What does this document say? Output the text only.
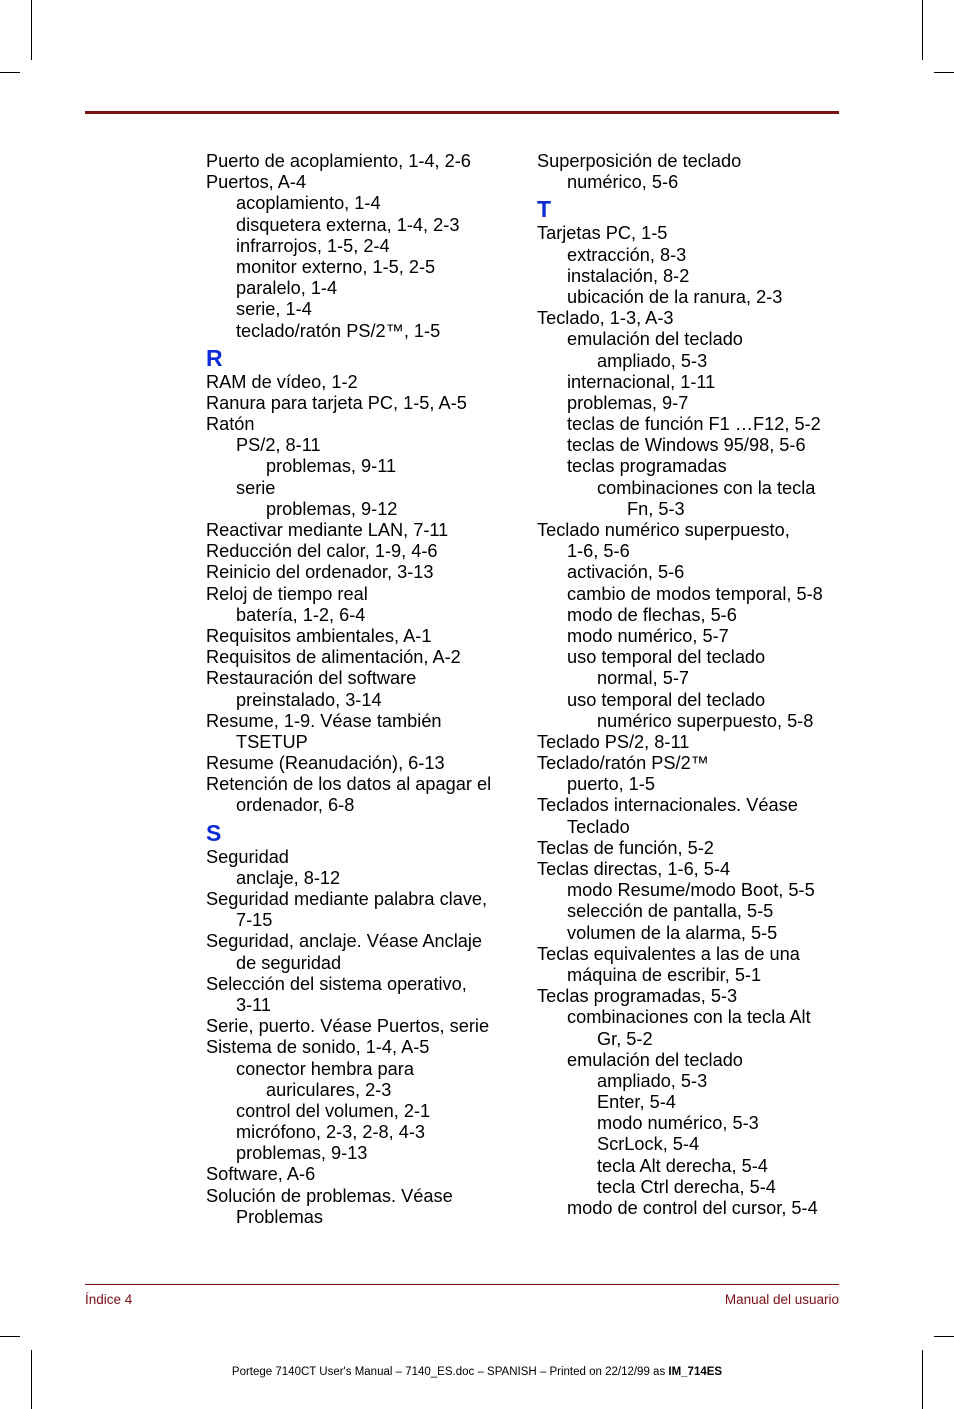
Puerto de acoplamiento, 1-4, 2-6
Puertos, A-4
acoplamiento, 1-4
disquetera externa, 1-4, 2-3
infrarrojos, 1-5, 2-4
monitor externo, 1-5, 2-5
paralelo, 1-4
serie, 1-4
teclado/ratón PS/2™, 1-5
R
RAM de vídeo, 1-2
Ranura para tarjeta PC, 1-5, A-5
Ratón
PS/2, 8-11
problemas, 9-11
serie
problemas, 9-12
Reactivar mediante LAN, 7-11
Reducción del calor, 1-9, 4-6
Reinicio del ordenador, 3-13
Reloj de tiempo real
batería, 1-2, 6-4
Requisitos ambientales, A-1
Requisitos de alimentación, A-2
Restauración del software
preinstalado, 3-14
Resume, 1-9. Véase también
TSETUP
Resume (Reanudación), 6-13
Retención de los datos al apagar el
ordenador, 6-8
S
Seguridad
anclaje, 8-12
Seguridad mediante palabra clave,
7-15
Seguridad, anclaje. Véase Anclaje
de seguridad
Selección del sistema operativo,
3-11
Serie, puerto. Véase Puertos, serie
Sistema de sonido, 1-4, A-5
conector hembra para
auriculares, 2-3
control del volumen, 2-1
micrófono, 2-3, 2-8, 4-3
problemas, 9-13
Software, A-6
Solución de problemas. Véase
Problemas
Superposición de teclado
numérico, 5-6
T
Tarjetas PC, 1-5
extracción, 8-3
instalación, 8-2
ubicación de la ranura, 2-3
Teclado, 1-3, A-3
emulación del teclado
ampliado, 5-3
internacional, 1-11
problemas, 9-7
teclas de función F1 …F12, 5-2
teclas de Windows 95/98, 5-6
teclas programadas
combinaciones con la tecla
Fn, 5-3
Teclado numérico superpuesto,
1-6, 5-6
activación, 5-6
cambio de modos temporal, 5-8
modo de flechas, 5-6
modo numérico, 5-7
uso temporal del teclado
normal, 5-7
uso temporal del teclado
numérico superpuesto, 5-8
Teclado PS/2, 8-11
Teclado/ratón PS/2™
puerto, 1-5
Teclados internacionales. Véase
Teclado
Teclas de función, 5-2
Teclas directas, 1-6, 5-4
modo Resume/modo Boot, 5-5
selección de pantalla, 5-5
volumen de la alarma, 5-5
Teclas equivalentes a las de una
máquina de escribir, 5-1
Teclas programadas, 5-3
combinaciones con la tecla Alt
Gr, 5-2
emulación del teclado
ampliado, 5-3
Enter, 5-4
modo numérico, 5-3
ScrLock, 5-4
tecla Alt derecha, 5-4
tecla Ctrl derecha, 5-4
modo de control del cursor, 5-4
Índice 4	Manual del usuario
Portege 7140CT User's Manual – 7140_ES.doc – SPANISH – Printed on 22/12/99 as IM_714ES
